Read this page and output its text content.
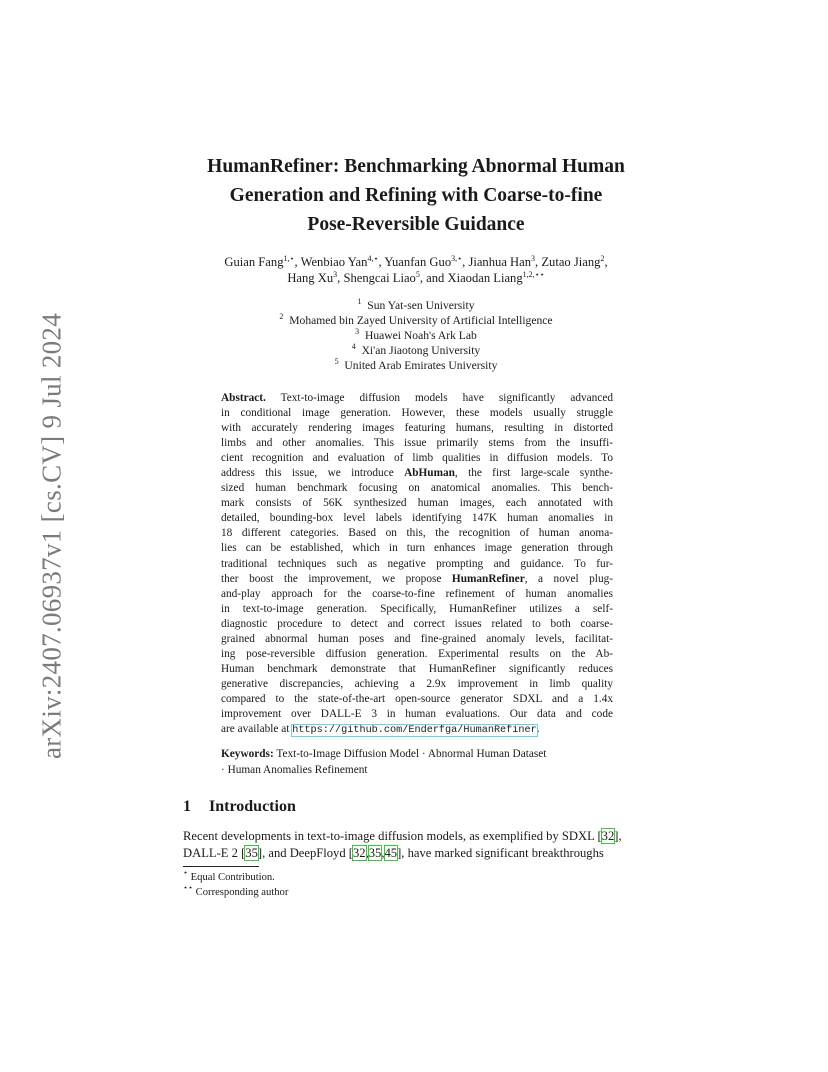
arXiv:2407.06937v1 [cs.CV] 9 Jul 2024
HumanRefiner: Benchmarking Abnormal Human
Generation and Refining with Coarse-to-fine
Pose-Reversible Guidance
Guian Fang$^{1,⋆}$, Wenbiao Yan$^{4,⋆}$, Yuanfan Guo$^{3,⋆}$, Jianhua Han$^3$, Zutao Jiang$^2$,
Hang Xu$^3$, Shengcai Liao$^5$, and Xiaodan Liang$^{1,2,⋆⋆}$
$^1$ Sun Yat-sen University
$^2$ Mohamed bin Zayed University of Artificial Intelligence
$^3$ Huawei Noah's Ark Lab
$^4$ Xi'an Jiaotong University
$^5$ United Arab Emirates University
Abstract. Text-to-image diffusion models have significantly advanced
in conditional image generation. However, these models usually struggle
with accurately rendering images featuring humans, resulting in distorted
limbs and other anomalies. This issue primarily stems from the insuffi-
cient recognition and evaluation of limb qualities in diffusion models. To
address this issue, we introduce AbHuman, the first large-scale synthe-
sized human benchmark focusing on anatomical anomalies. This bench-
mark consists of 56K synthesized human images, each annotated with
detailed, bounding-box level labels identifying 147K human anomalies in
18 different categories. Based on this, the recognition of human anoma-
lies can be established, which in turn enhances image generation through
traditional techniques such as negative prompting and guidance. To fur-
ther boost the improvement, we propose HumanRefiner, a novel plug-
and-play approach for the coarse-to-fine refinement of human anomalies
in text-to-image generation. Specifically, HumanRefiner utilizes a self-
diagnostic procedure to detect and correct issues related to both coarse-
grained abnormal human poses and fine-grained anomaly levels, facilitat-
ing pose-reversible diffusion generation. Experimental results on the Ab-
Human benchmark demonstrate that HumanRefiner significantly reduces
generative discrepancies, achieving a 2.9x improvement in limb quality
compared to the state-of-the-art open-source generator SDXL and a 1.4x
improvement over DALL-E 3 in human evaluations. Our data and code
are available at https://github.com/Enderfga/HumanRefiner.
Keywords: Text-to-Image Diffusion Model · Abnormal Human Dataset
· Human Anomalies Refinement
1 Introduction
Recent developments in text-to-image diffusion models, as exemplified by SDXL [32],
DALL-E 2 [35], and DeepFloyd [32,35,45], have marked significant breakthroughs
⋆ Equal Contribution.
⋆⋆ Corresponding author
